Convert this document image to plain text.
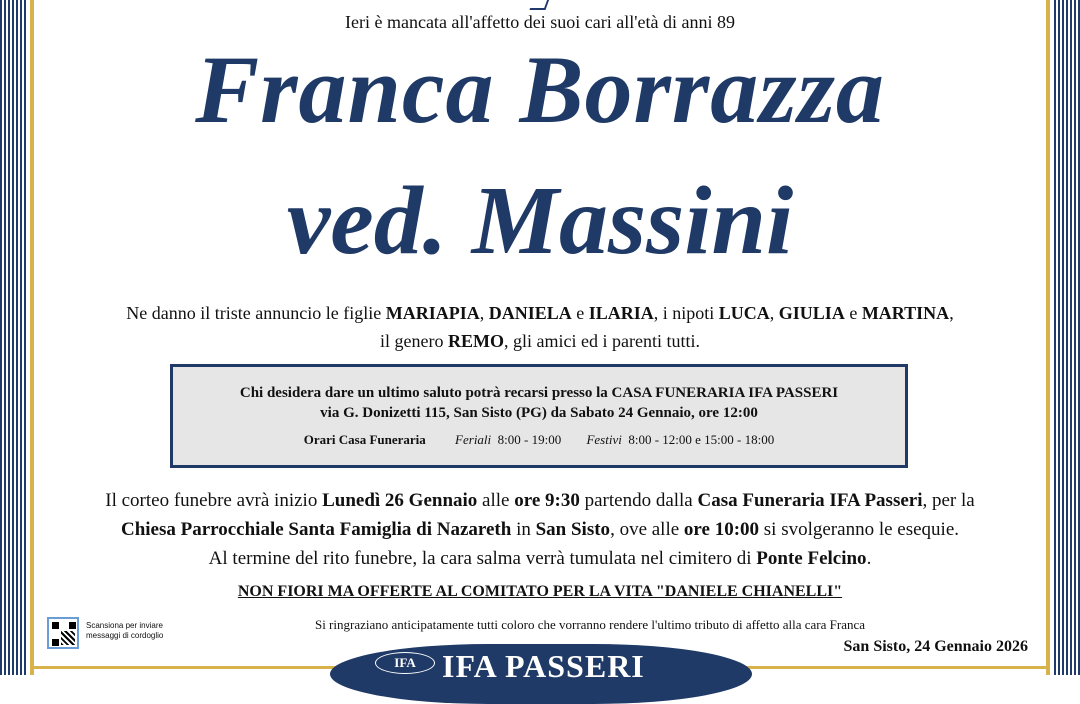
Ieri è mancata all'affetto dei suoi cari all'età di anni 89
Franca Borrazza
ved. Massini
Ne danno il triste annuncio le figlie MARIAPIA, DANIELA e ILARIA, i nipoti LUCA, GIULIA e MARTINA,
il genero REMO, gli amici ed i parenti tutti.
Chi desidera dare un ultimo saluto potrà recarsi presso la CASA FUNERARIA IFA PASSERI
via G. Donizetti 115, San Sisto (PG) da Sabato 24 Gennaio, ore 12:00
Orari Casa Funeraria Feriali 8:00 - 19:00 Festivi 8:00 - 12:00 e 15:00 - 18:00
Il corteo funebre avrà inizio Lunedì 26 Gennaio alle ore 9:30 partendo dalla Casa Funeraria IFA Passeri, per la
Chiesa Parrocchiale Santa Famiglia di Nazareth in San Sisto, ove alle ore 10:00 si svolgeranno le esequie.
Al termine del rito funebre, la cara salma verrà tumulata nel cimitero di Ponte Felcino.
NON FIORI MA OFFERTE AL COMITATO PER LA VITA "DANIELE CHIANELLI"
Si ringraziano anticipatamente tutti coloro che vorranno rendere l'ultimo tributo di affetto alla cara Franca
Scansiona per inviare
messaggi di cordoglio
San Sisto, 24 Gennaio 2026
IFA IFA PASSERI
